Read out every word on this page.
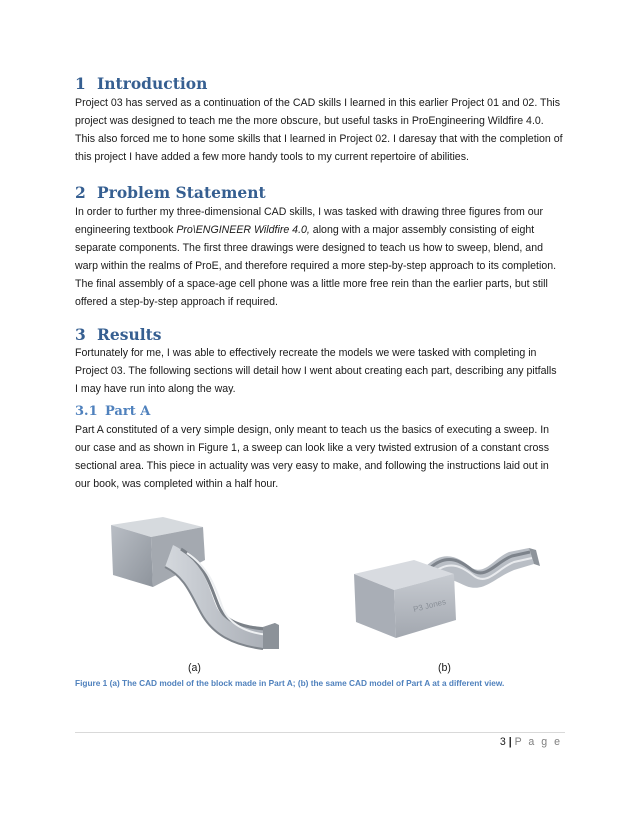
1 Introduction

Project 03 has served as a continuation of the CAD skills I learned in this earlier Project 01 and 02. This
project was designed to teach me the more obscure, but useful tasks in ProEngineering Wildfire 4.0.
This also forced me to hone some skills that I learned in Project 02. I daresay that with the completion of
this project I have added a few more handy tools to my current repertoire of abilities.

2 Problem Statement

In order to further my three-dimensional CAD skills, I was tasked with drawing three figures from our
engineering textbook Pro\ENGINEER Wildfire 4.0, along with a major assembly consisting of eight
separate components. The first three drawings were designed to teach us how to sweep, blend, and
warp within the realms of ProE, and therefore required a more step-by-step approach to its completion.
The final assembly of a space-age cell phone was a little more free rein than the earlier parts, but still
offered a step-by-step approach if required.

3 Results

Fortunately for me, I was able to effectively recreate the models we were tasked with completing in
Project 03. The following sections will detail how I went about creating each part, describing any pitfalls
I may have run into along the way.

3.1 Part A

Part A constituted of a very simple design, only meant to teach us the basics of executing a sweep. In
our case and as shown in Figure 1, a sweep can look like a very twisted extrusion of a constant cross
sectional area. This piece in actuality was very easy to make, and following the instructions laid out in
our book, was completed within a half hour.

P3 Jones
(a)	(b)
Figure 1 (a) The CAD model of the block made in Part A; (b) the same CAD model of Part A at a different view.
3 | P a g e
